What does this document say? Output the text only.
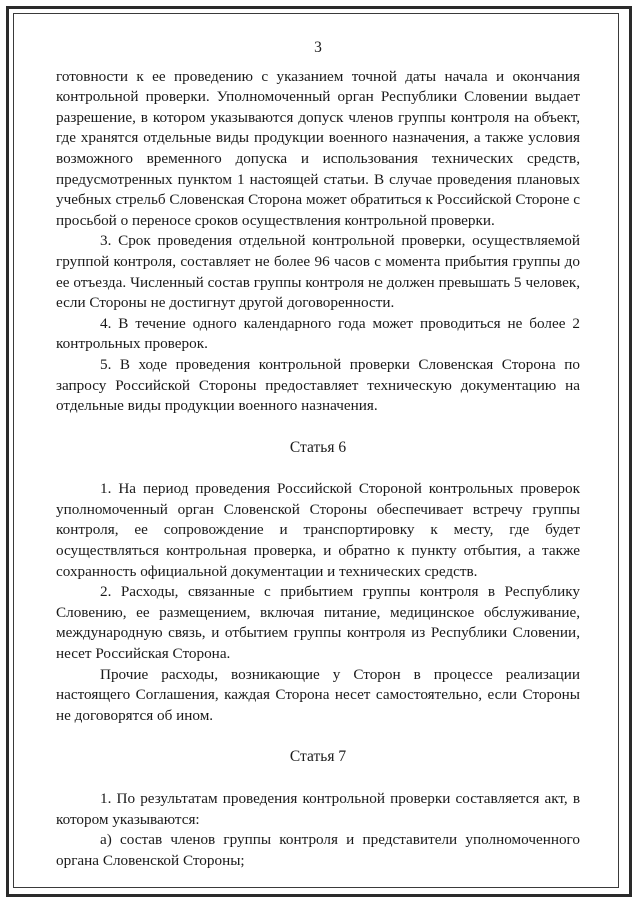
3

готовности к ее проведению с указанием точной даты начала и окончания контрольной проверки. Уполномоченный орган Республики Словении выдает разрешение, в котором указываются допуск членов группы контроля на объект, где хранятся отдельные виды продукции военного назначения, а также условия возможного временного допуска и использования технических средств, предусмотренных пунктом 1 настоящей статьи. В случае проведения плановых учебных стрельб Словенская Сторона может обратиться к Российской Стороне с просьбой о переносе сроков осуществления контрольной проверки.

3. Срок проведения отдельной контрольной проверки, осуществляемой группой контроля, составляет не более 96 часов с момента прибытия группы до ее отъезда. Численный состав группы контроля не должен превышать 5 человек, если Стороны не достигнут другой договоренности.

4. В течение одного календарного года может проводиться не более 2 контрольных проверок.

5. В ходе проведения контрольной проверки Словенская Сторона по запросу Российской Стороны предоставляет техническую документацию на отдельные виды продукции военного назначения.

Статья 6

1. На период проведения Российской Стороной контрольных проверок уполномоченный орган Словенской Стороны обеспечивает встречу группы контроля, ее сопровождение и транспортировку к месту, где будет осуществляться контрольная проверка, и обратно к пункту отбытия, а также сохранность официальной документации и технических средств.

2. Расходы, связанные с прибытием группы контроля в Республику Словению, ее размещением, включая питание, медицинское обслуживание, международную связь, и отбытием группы контроля из Республики Словении, несет Российская Сторона.

Прочие расходы, возникающие у Сторон в процессе реализации настоящего Соглашения, каждая Сторона несет самостоятельно, если Стороны не договорятся об ином.

Статья 7

1. По результатам проведения контрольной проверки составляется акт, в котором указываются:

а) состав членов группы контроля и представители уполномоченного органа Словенской Стороны;
